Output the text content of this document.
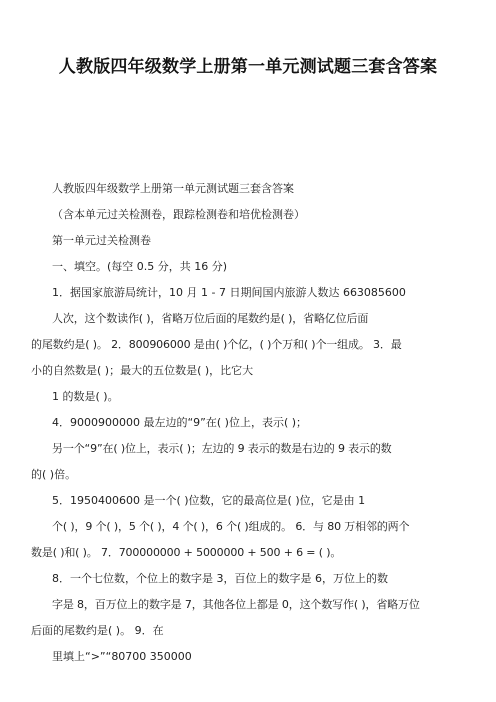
人教版四年级数学上册第一单元测试题三套含答案
人教版四年级数学上册第一单元测试题三套含答案
（含本单元过关检测卷，跟踪检测卷和培优检测卷）
第一单元过关检测卷
一、填空。(每空 0.5 分，共 16 分)
1．据国家旅游局统计，10 月 1 - 7 日期间国内旅游人数达 663085600
人次，这个数读作( )，省略万位后面的尾数约是( )，省略亿位后面
的尾数约是( )。 2．800906000 是由( )个亿，( )个万和( )个一组成。 3．最
小的自然数是( )；最大的五位数是( )，比它大
1 的数是( )。
4．9000900000 最左边的“9”在( )位上，表示( )；
另一个“9”在( )位上，表示( )；左边的 9 表示的数是右边的 9 表示的数
的( )倍。
5．1950400600 是一个( )位数，它的最高位是( )位，它是由 1
个( )，9 个( )，5 个( )，4 个( )，6 个( )组成的。 6．与 80 万相邻的两个
数是( )和( )。 7．700000000 + 5000000 + 500 + 6 = ( )。
8．一个七位数，个位上的数字是 3，百位上的数字是 6，万位上的数
字是 8，百万位上的数字是 7，其他各位上都是 0，这个数写作( )，省略万位
后面的尾数约是( )。 9．在
里填上“>”“80700 350000
